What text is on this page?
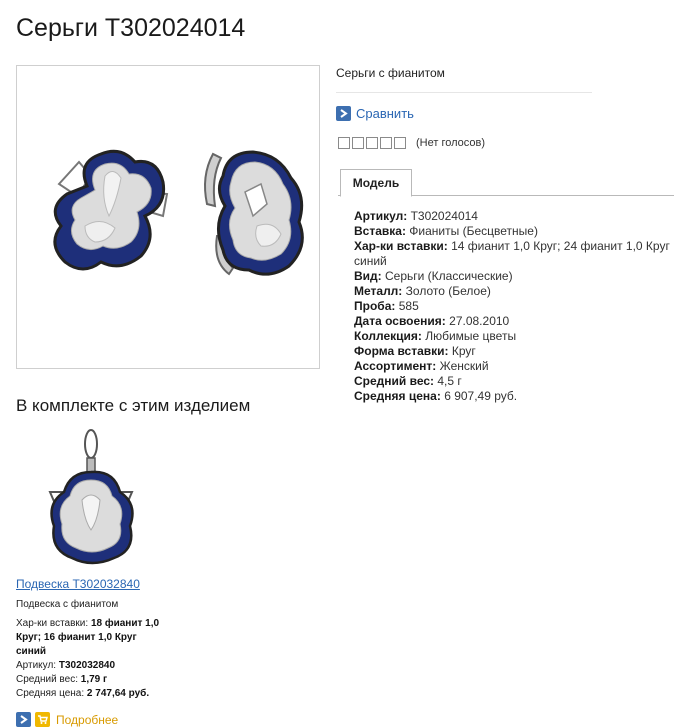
Серьги Т302024014
Серьги с фианитом
Сравнить
(Нет голосов)
Модель

Артикул: Т302024014

Вставка: Фианиты (Бесцветные)

Хар-ки вставки: 14 фианит 1,0 Круг; 24 фианит 1,0 Круг синий

Вид: Серьги (Классические)

Металл: Золото (Белое)

Проба: 585

Дата освоения: 27.08.2010

Коллекция: Любимые цветы

Форма вставки: Круг

Ассортимент: Женский

Средний вес: 4,5 г

Средняя цена: 6 907,49 руб.

В комплекте с этим изделием
Подвеска Т302032840
Подвеска с фианитом
Хар-ки вставки: 18 фианит 1,0 Круг; 16 фианит 1,0 Круг синий
Артикул: Т302032840
Средний вес: 1,79 г
Средняя цена: 2 747,64 руб.
Подробнее
